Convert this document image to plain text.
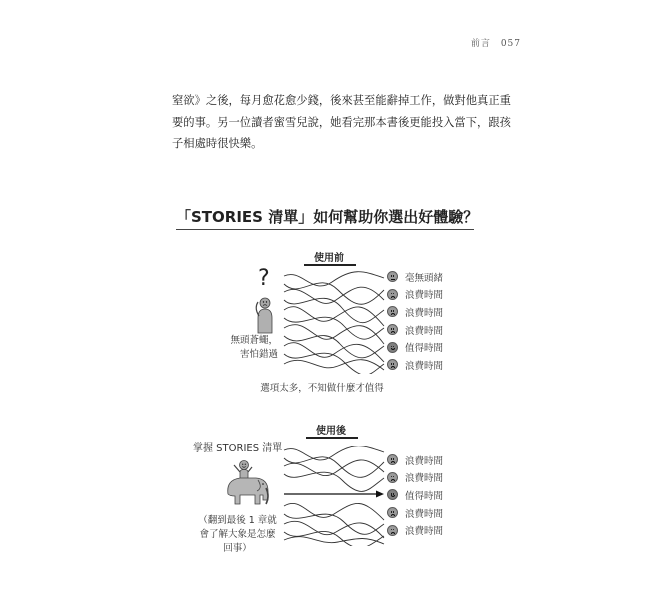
前言 057

窒欲》之後，每月愈花愈少錢，後來甚至能辭掉工作，做對他真正重

要的事。另一位讀者蜜雪兒說，她看完那本書後更能投入當下，跟孩

子相處時很快樂。

「STORIES 清單」如何幫助你選出好體驗？
使用前
?
無頭蒼蠅，
害怕錯過
毫無頭緒
浪費時間
浪費時間
浪費時間
值得時間
浪費時間
選項太多，不知做什麼才值得
使用後
掌握 STORIES 清單
（翻到最後 1 章就
會了解大象是怎麼
回事）
浪費時間
浪費時間
值得時間
浪費時間
浪費時間
